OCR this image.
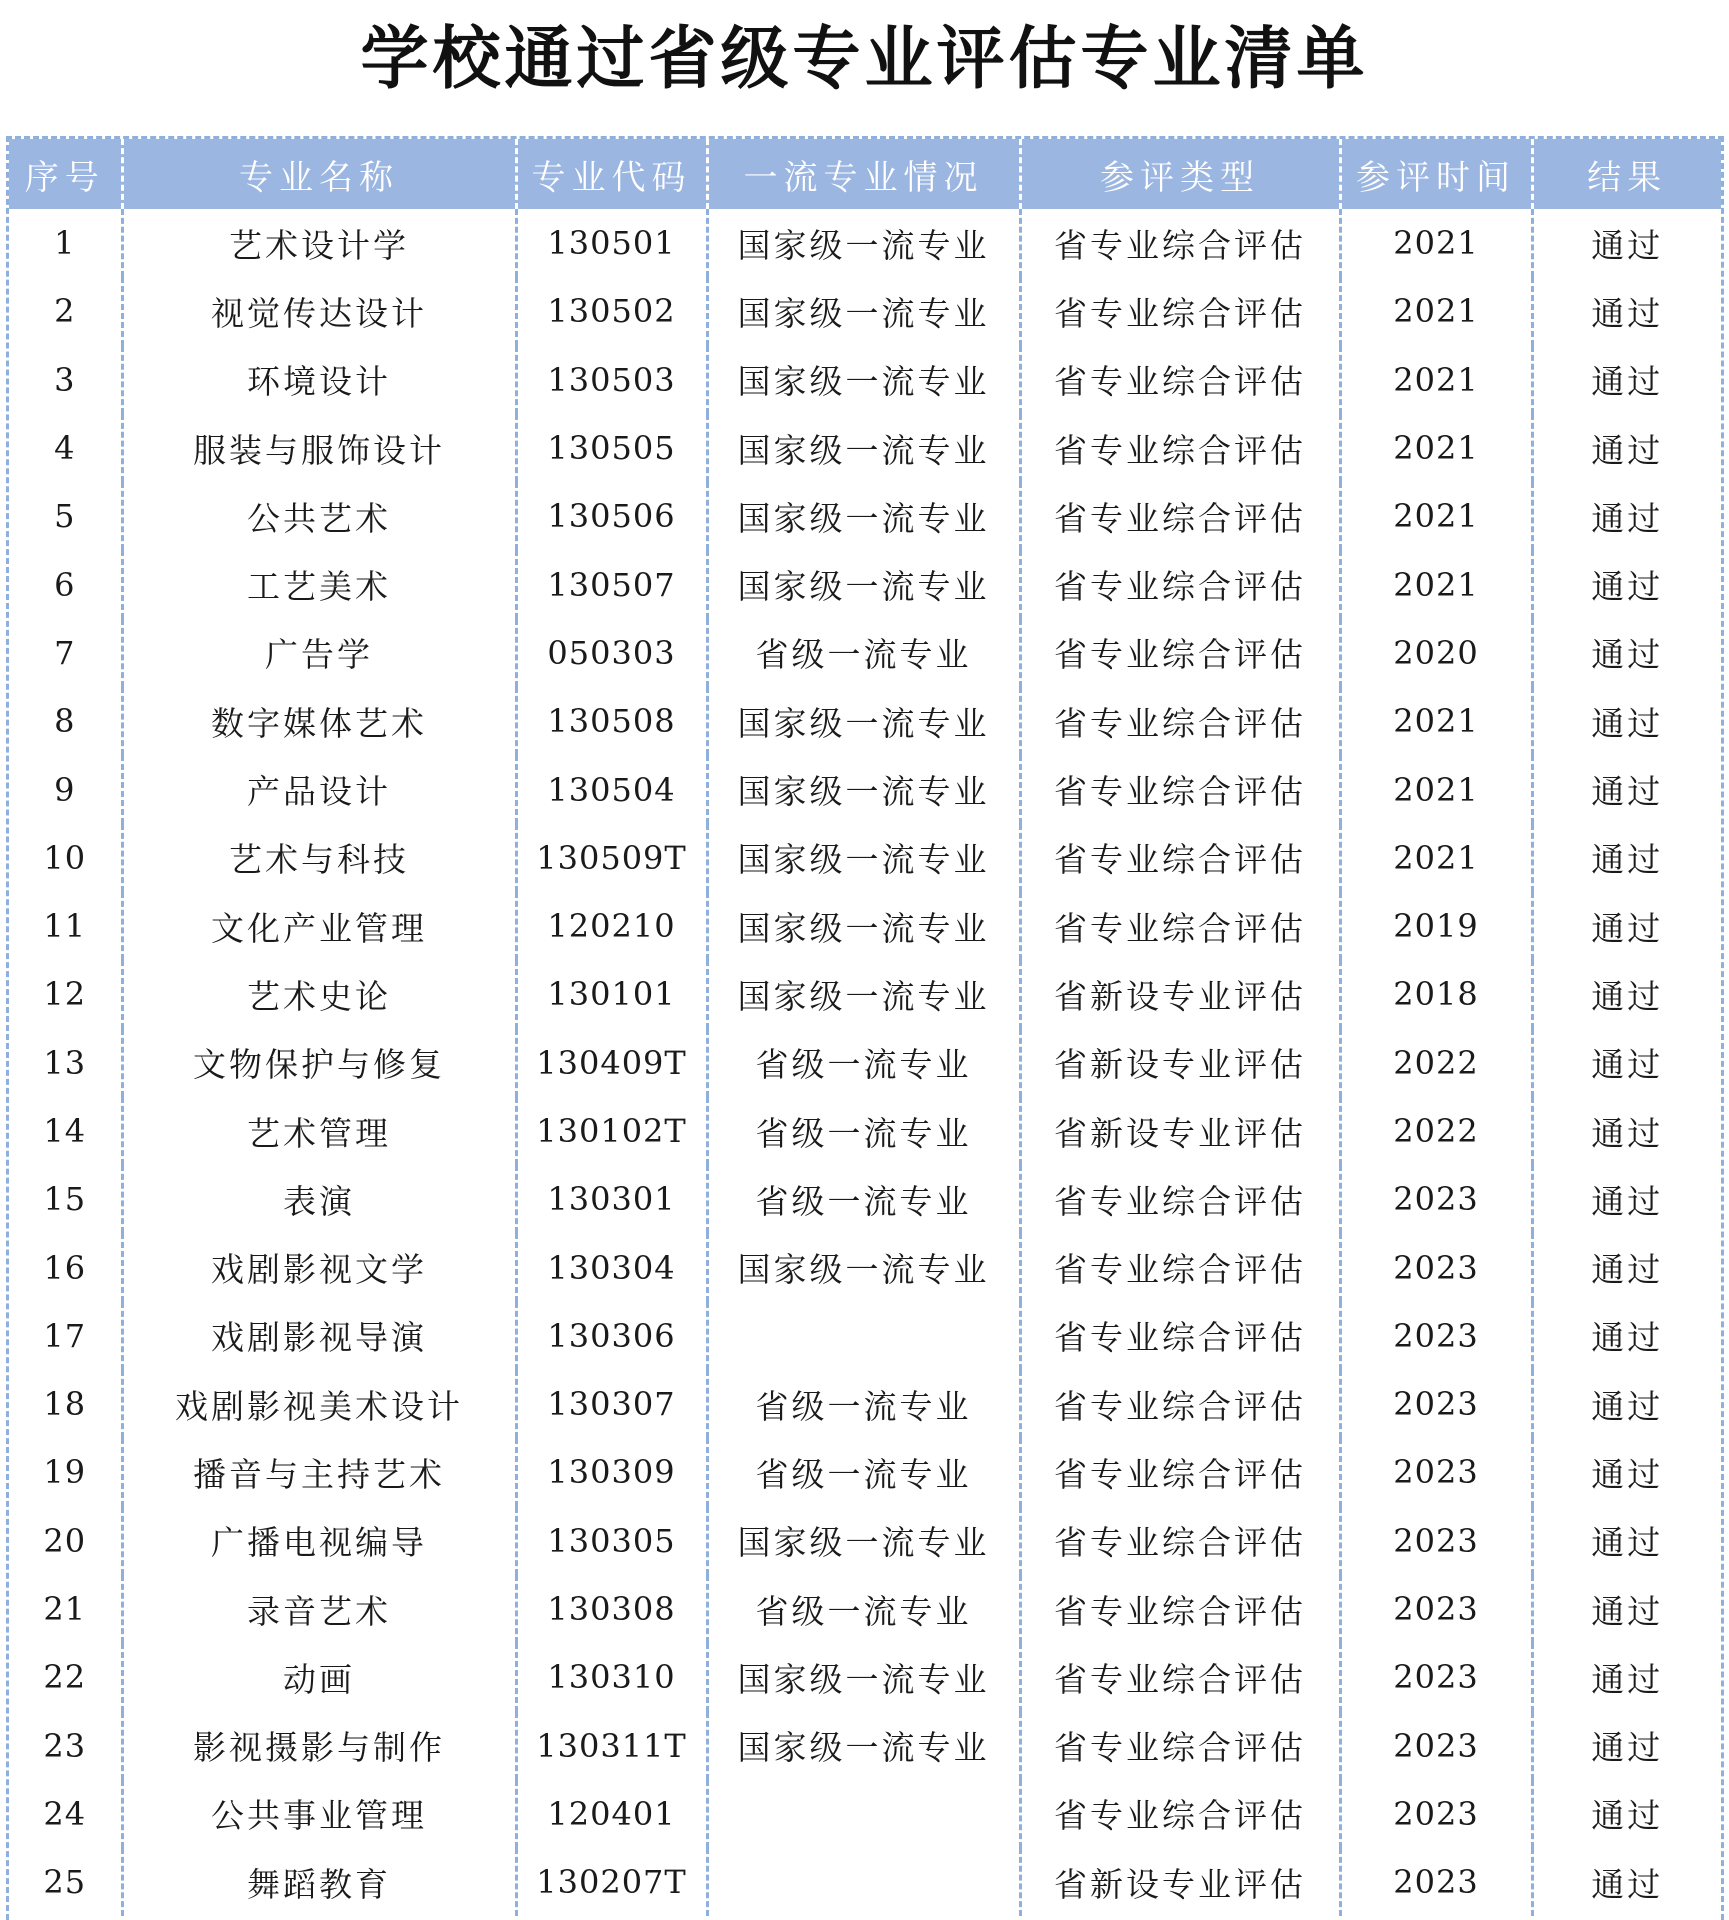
学校通过省级专业评估专业清单
序号	专业名称	专业代码	一流专业情况	参评类型	参评时间	结果
1	艺术设计学	130501	国家级一流专业	省专业综合评估	2021	通过
2	视觉传达设计	130502	国家级一流专业	省专业综合评估	2021	通过
3	环境设计	130503	国家级一流专业	省专业综合评估	2021	通过
4	服装与服饰设计	130505	国家级一流专业	省专业综合评估	2021	通过
5	公共艺术	130506	国家级一流专业	省专业综合评估	2021	通过
6	工艺美术	130507	国家级一流专业	省专业综合评估	2021	通过
7	广告学	050303	省级一流专业	省专业综合评估	2020	通过
8	数字媒体艺术	130508	国家级一流专业	省专业综合评估	2021	通过
9	产品设计	130504	国家级一流专业	省专业综合评估	2021	通过
10	艺术与科技	130509T	国家级一流专业	省专业综合评估	2021	通过
11	文化产业管理	120210	国家级一流专业	省专业综合评估	2019	通过
12	艺术史论	130101	国家级一流专业	省新设专业评估	2018	通过
13	文物保护与修复	130409T	省级一流专业	省新设专业评估	2022	通过
14	艺术管理	130102T	省级一流专业	省新设专业评估	2022	通过
15	表演	130301	省级一流专业	省专业综合评估	2023	通过
16	戏剧影视文学	130304	国家级一流专业	省专业综合评估	2023	通过
17	戏剧影视导演	130306		省专业综合评估	2023	通过
18	戏剧影视美术设计	130307	省级一流专业	省专业综合评估	2023	通过
19	播音与主持艺术	130309	省级一流专业	省专业综合评估	2023	通过
20	广播电视编导	130305	国家级一流专业	省专业综合评估	2023	通过
21	录音艺术	130308	省级一流专业	省专业综合评估	2023	通过
22	动画	130310	国家级一流专业	省专业综合评估	2023	通过
23	影视摄影与制作	130311T	国家级一流专业	省专业综合评估	2023	通过
24	公共事业管理	120401		省专业综合评估	2023	通过
25	舞蹈教育	130207T		省新设专业评估	2023	通过
